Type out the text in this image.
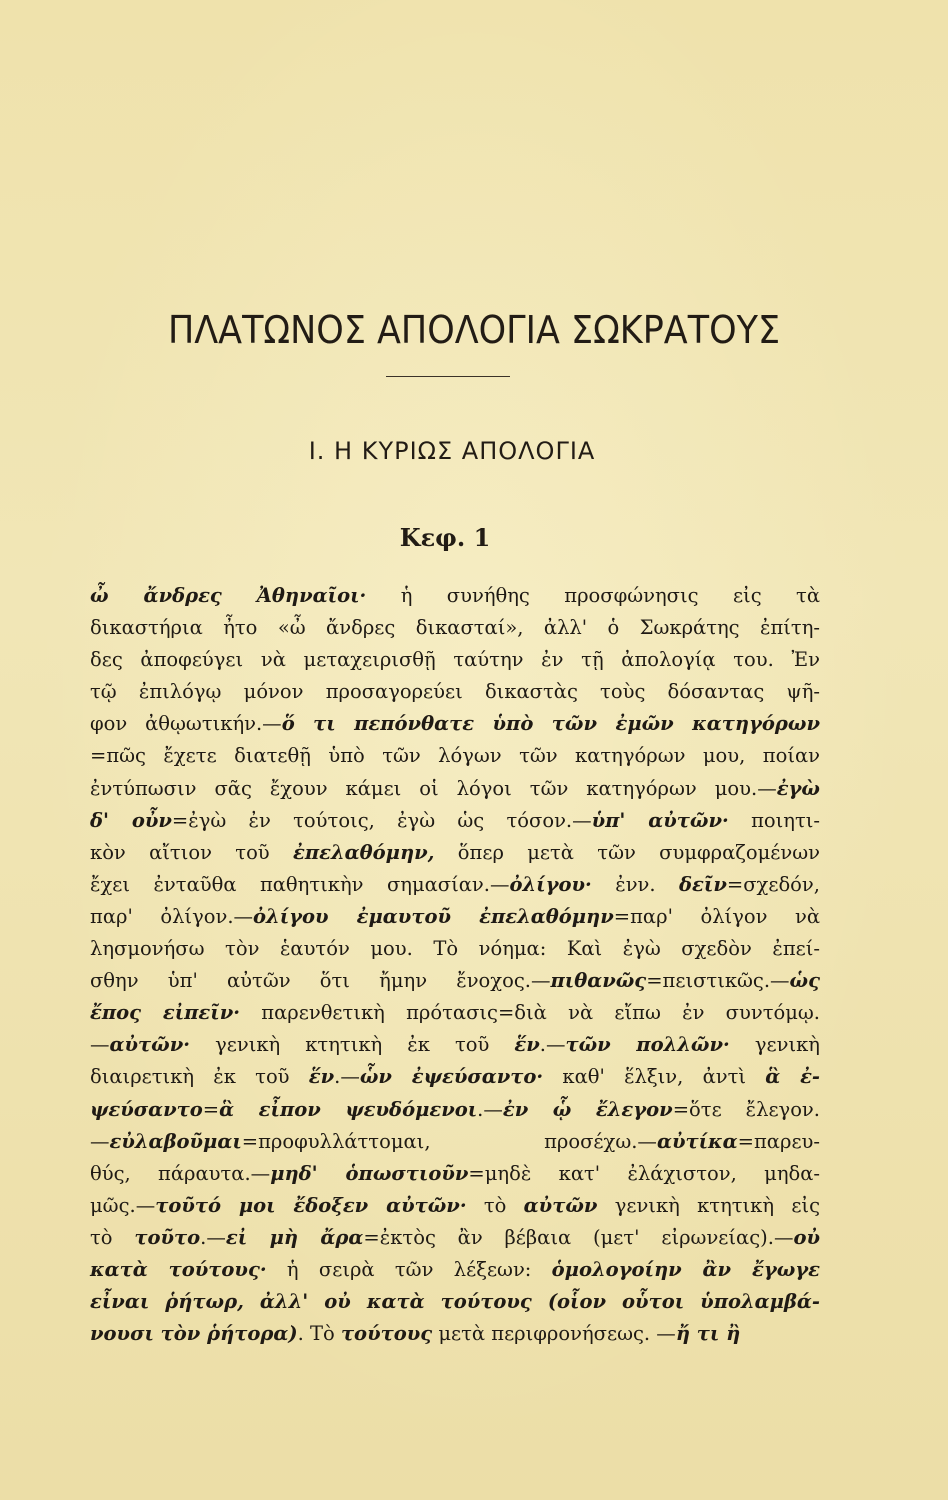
ΠΛΑΤΩΝΟΣ ΑΠΟΛΟΓΙΑ ΣΩΚΡΑΤΟΥΣ
Ι. Η ΚΥΡΙΩΣ ΑΠΟΛΟΓΙΑ
Κεφ. 1
ὦ ἄνδρες Ἀθηναῖοι· ἡ συνήθης προσφώνησις εἰς τὰ
δικαστήρια ἦτο «ὦ ἄνδρες δικασταί», ἀλλ' ὁ Σωκράτης ἐπίτη-
δες ἀποφεύγει νὰ μεταχειρισθῇ ταύτην ἐν τῇ ἀπολογίᾳ του. Ἐν
τῷ ἐπιλόγῳ μόνον προσαγορεύει δικαστὰς τοὺς δόσαντας ψῆ-
φον ἀθῳωτικήν.—ὅ τι πεπόνθατε ὑπὸ τῶν ἐμῶν κατηγόρων
=πῶς ἔχετε διατεθῇ ὑπὸ τῶν λόγων τῶν κατηγόρων μου, ποίαν
ἐντύπωσιν σᾶς ἔχουν κάμει οἱ λόγοι τῶν κατηγόρων μου.—ἐγὼ
δ' οὖν=ἐγὼ ἐν τούτοις, ἐγὼ ὡς τόσον.—ὑπ' αὐτῶν· ποιητι-
κὸν αἴτιον τοῦ ἐπελαθόμην, ὅπερ μετὰ τῶν συμφραζομένων
ἔχει ἐνταῦθα παθητικὴν σημασίαν.—ὀλίγου· ἐνν. δεῖν=σχεδόν,
παρ' ὀλίγον.—ὀλίγου ἐμαυτοῦ ἐπελαθόμην=παρ' ὀλίγον νὰ
λησμονήσω τὸν ἑαυτόν μου. Τὸ νόημα: Καὶ ἐγὼ σχεδὸν ἐπεί-
σθην ὑπ' αὐτῶν ὅτι ἤμην ἔνοχος.—πιθανῶς=πειστικῶς.—ὡς
ἔπος εἰπεῖν· παρενθετικὴ πρότασις=διὰ νὰ εἴπω ἐν συντόμῳ.
—αὐτῶν· γενικὴ κτητικὴ ἐκ τοῦ ἕν.—τῶν πολλῶν· γενικὴ
διαιρετικὴ ἐκ τοῦ ἕν.—ὧν ἐψεύσαντο· καθ' ἕλξιν, ἀντὶ ἃ ἐ-
ψεύσαντο=ἃ εἶπον ψευδόμενοι.—ἐν ᾧ ἔλεγον=ὅτε ἔλεγον.
—εὐλαβοῦμαι=προφυλλάττομαι, προσέχω.—αὐτίκα=παρευ-
θύς, πάραυτα.—μηδ' ὁπωστιοῦν=μηδὲ κατ' ἐλάχιστον, μηδα-
μῶς.—τοῦτό μοι ἔδοξεν αὐτῶν· τὸ αὐτῶν γενικὴ κτητικὴ εἰς
τὸ τοῦτο.—εἰ μὴ ἄρα=ἐκτὸς ἂν βέβαια (μετ' εἰρωνείας).—οὐ
κατὰ τούτους· ἡ σειρὰ τῶν λέξεων: ὁμολογοίην ἂν ἔγωγε
εἶναι ῥήτωρ, ἀλλ' οὐ κατὰ τούτους (οἷον οὗτοι ὑπολαμβά-
νουσι τὸν ῥήτορα). Τὸ τούτους μετὰ περιφρονήσεως. —ἤ τι ἢ
